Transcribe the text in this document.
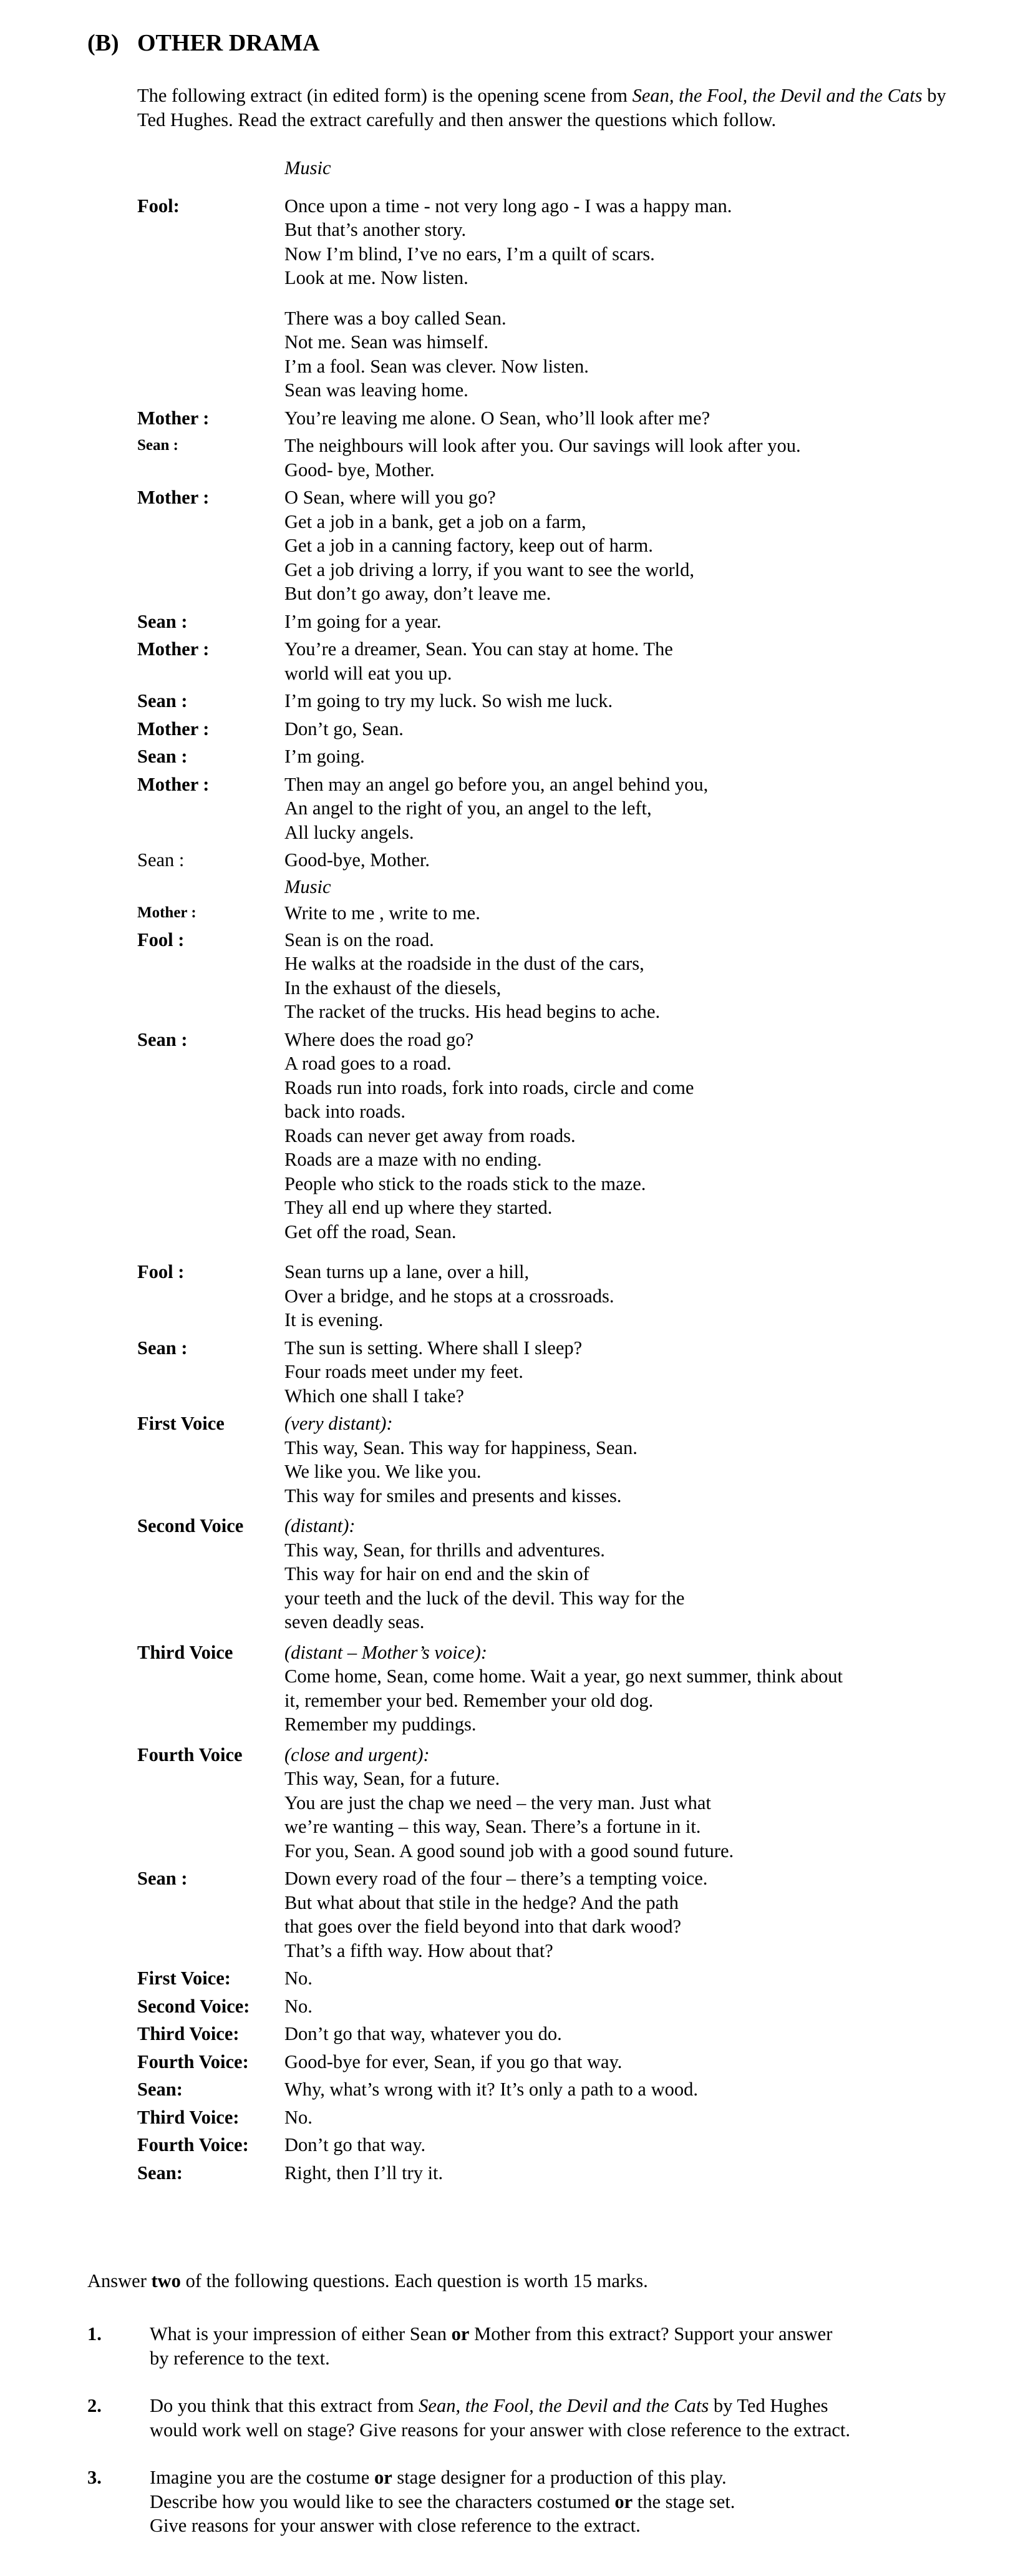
(B) OTHER DRAMA
The following extract (in edited form) is the opening scene from Sean, the Fool, the Devil and the Cats by Ted Hughes. Read the extract carefully and then answer the questions which follow.
Music
Fool:	Once upon a time - not very long ago - I was a happy man.
But that’s another story.
Now I’m blind, I’ve no ears, I’m a quilt of scars.
Look at me. Now listen.
There was a boy called Sean.
Not me. Sean was himself.
I’m a fool. Sean was clever. Now listen.
Sean was leaving home.
Mother :	You’re leaving me alone. O Sean, who’ll look after me?
Sean :	The neighbours will look after you. Our savings will look after you.
Good- bye, Mother.
Mother :	O Sean, where will you go?
Get a job in a bank, get a job on a farm,
Get a job in a canning factory, keep out of harm.
Get a job driving a lorry, if you want to see the world,
But don’t go away, don’t leave me.
Sean :	I’m going for a year.
Mother :	You’re a dreamer, Sean. You can stay at home. The
world will eat you up.
Sean :	I’m going to try my luck. So wish me luck.
Mother :	Don’t go, Sean.
Sean :	I’m going.
Mother :	Then may an angel go before you, an angel behind you,
An angel to the right of you, an angel to the left,
All lucky angels.
Sean :	Good-bye, Mother.
Music
Mother :	Write to me , write to me.
Fool :	Sean is on the road.
He walks at the roadside in the dust of the cars,
In the exhaust of the diesels,
The racket of the trucks. His head begins to ache.
Sean :	Where does the road go?
A road goes to a road.
Roads run into roads, fork into roads, circle and come
back into roads.
Roads can never get away from roads.
Roads are a maze with no ending.
People who stick to the roads stick to the maze.
They all end up where they started.
Get off the road, Sean.
Fool :	Sean turns up a lane, over a hill,
Over a bridge, and he stops at a crossroads.
It is evening.
Sean :	The sun is setting. Where shall I sleep?
Four roads meet under my feet.
Which one shall I take?
First Voice	(very distant):
This way, Sean. This way for happiness, Sean.
We like you. We like you.
This way for smiles and presents and kisses.
Second Voice	(distant):
This way, Sean, for thrills and adventures.
This way for hair on end and the skin of
your teeth and the luck of the devil. This way for the
seven deadly seas.
Third Voice	(distant – Mother’s voice):
Come home, Sean, come home. Wait a year, go next summer, think about
it, remember your bed. Remember your old dog.
Remember my puddings.
Fourth Voice	(close and urgent):
This way, Sean, for a future.
You are just the chap we need – the very man. Just what
we’re wanting – this way, Sean. There’s a fortune in it.
For you, Sean. A good sound job with a good sound future.
Sean :	Down every road of the four – there’s a tempting voice.
But what about that stile in the hedge? And the path
that goes over the field beyond into that dark wood?
That’s a fifth way. How about that?
First Voice:	No.
Second Voice:	No.
Third Voice:	Don’t go that way, whatever you do.
Fourth Voice:	Good-bye for ever, Sean, if you go that way.
Sean:	Why, what’s wrong with it? It’s only a path to a wood.
Third Voice:	No.
Fourth Voice:	Don’t go that way.
Sean:	Right, then I’ll try it.
Answer two of the following questions. Each question is worth 15 marks.
1.	What is your impression of either Sean or Mother from this extract? Support your answer
by reference to the text.
2.	Do you think that this extract from Sean, the Fool, the Devil and the Cats by Ted Hughes
would work well on stage? Give reasons for your answer with close reference to the extract.
3.	Imagine you are the costume or stage designer for a production of this play.
Describe how you would like to see the characters costumed or the stage set.
Give reasons for your answer with close reference to the extract.
